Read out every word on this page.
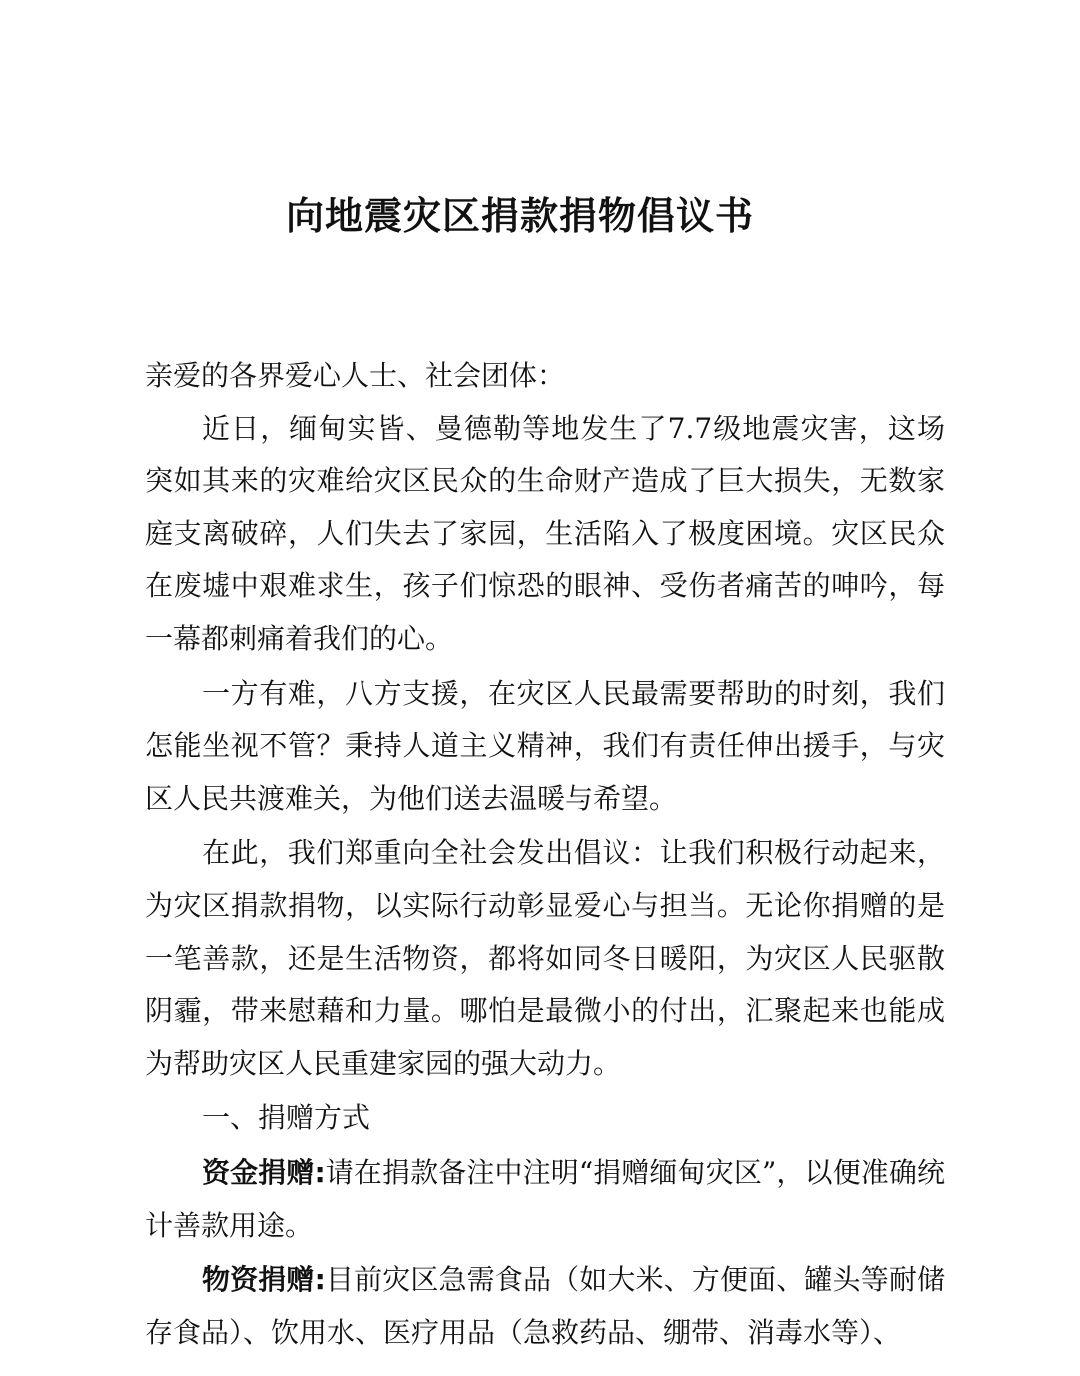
向地震灾区捐款捐物倡议书

亲爱的各界爱心人士、社会团体：

近日，缅甸实皆、曼德勒等地发生了7.7级地震灾害，这场突如其来的灾难给灾区民众的生命财产造成了巨大损失，无数家庭支离破碎，人们失去了家园，生活陷入了极度困境。灾区民众在废墟中艰难求生，孩子们惊恐的眼神、受伤者痛苦的呻吟，每一幕都刺痛着我们的心。

一方有难，八方支援，在灾区人民最需要帮助的时刻，我们怎能坐视不管？秉持人道主义精神，我们有责任伸出援手，与灾区人民共渡难关，为他们送去温暖与希望。

在此，我们郑重向全社会发出倡议：让我们积极行动起来，为灾区捐款捐物，以实际行动彰显爱心与担当。无论你捐赠的是一笔善款，还是生活物资，都将如同冬日暖阳，为灾区人民驱散阴霾，带来慰藉和力量。哪怕是最微小的付出，汇聚起来也能成为帮助灾区人民重建家园的强大动力。

一、捐赠方式

资金捐赠:请在捐款备注中注明“捐赠缅甸灾区”，以便准确统计善款用途。

物资捐赠:目前灾区急需食品（如大米、方便面、罐头等耐储存食品）、饮用水、医疗用品（急救药品、绷带、消毒水等）、
